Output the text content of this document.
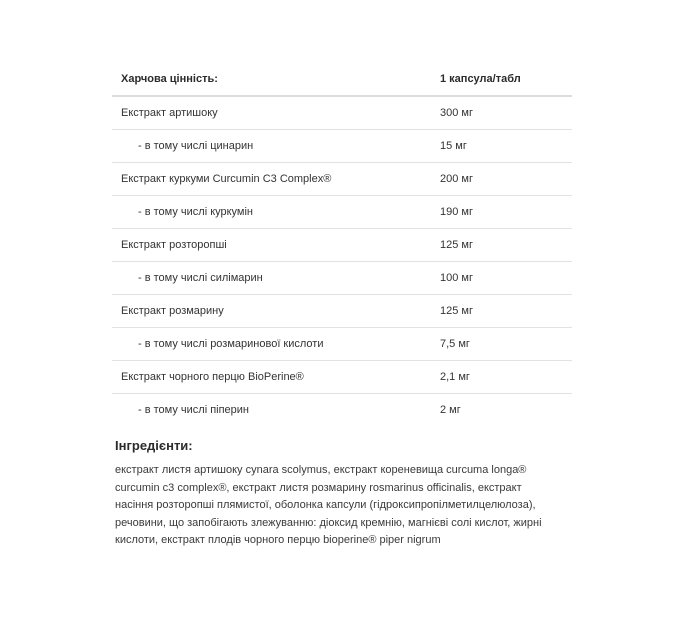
Харчова цінність:	1 капсула/табл
Екстракт артишоку	300 мг
- в тому числі цинарин	15 мг
Екстракт куркуми Curcumin C3 Complex®	200 мг
- в тому числі куркумін	190 мг
Екстракт розторопші	125 мг
- в тому числі силімарин	100 мг
Екстракт розмарину	125 мг
- в тому числі розмаринової кислоти	7,5 мг
Екстракт чорного перцю BioPerine®	2,1 мг
- в тому числі піперин	2 мг
Інгредієнти:

екстракт листя артишоку cynara scolymus, екстракт кореневища curcuma longa® curcumin c3 complex®, екстракт листя розмарину rosmarinus officinalis, екстракт насіння розторопші плямистої, оболонка капсули (гідроксипропілметилцелюлоза), речовини, що запобігають злежуванню: діоксид кремнію, магнієві солі кислот, жирні кислоти, екстракт плодів чорного перцю bioperine® piper nigrum
